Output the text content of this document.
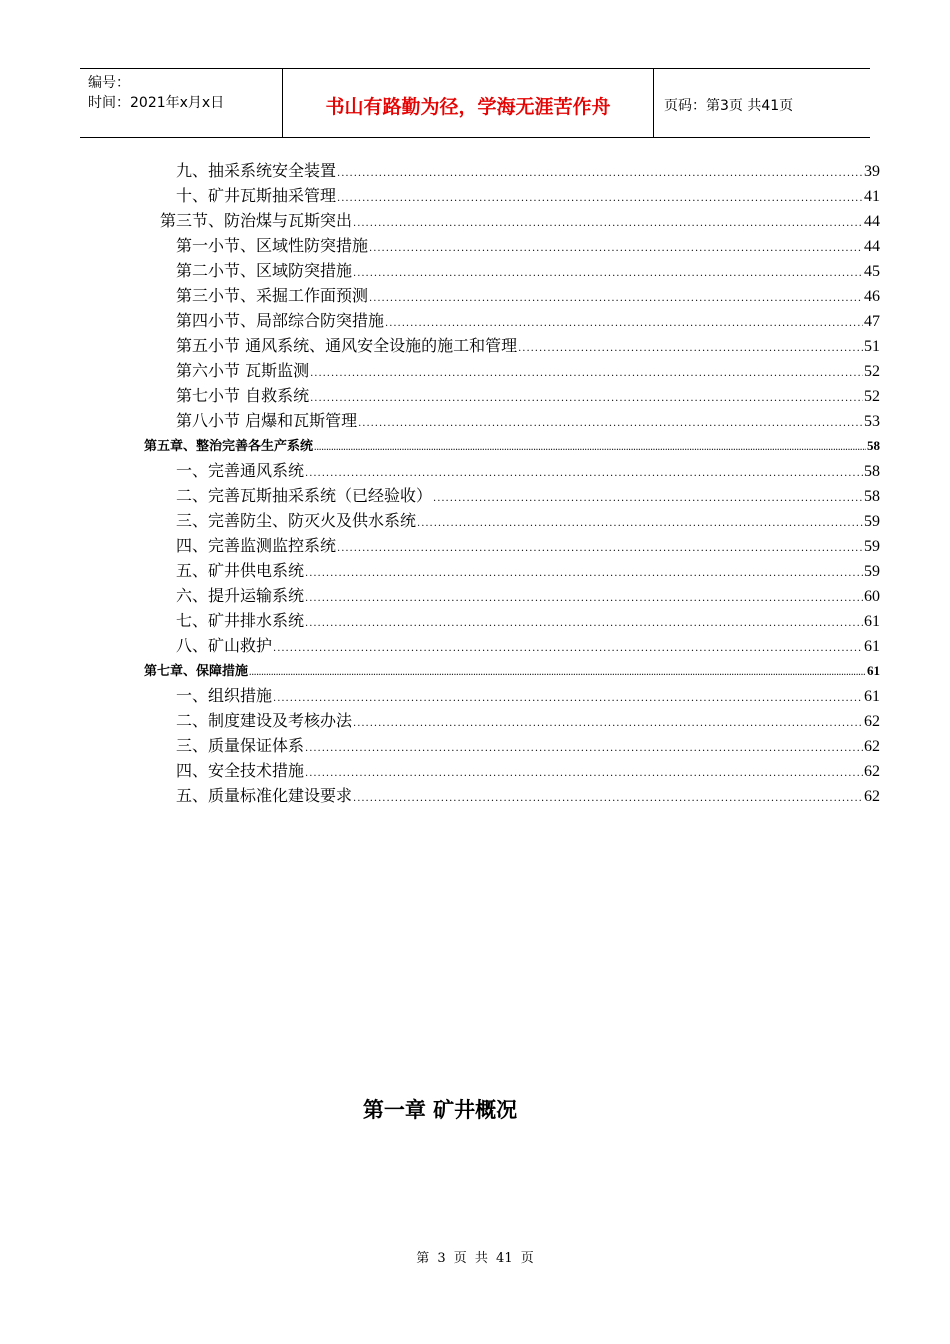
编号：
时间：2021年x月x日	书山有路勤为径，学海无涯苦作舟	页码：第3页 共41页
九、抽采系统安全装置 .....	39
十、矿井瓦斯抽采管理 .....	41
第三节、防治煤与瓦斯突出 .....	44
第一小节、区域性防突措施 .....	44
第二小节、区域防突措施 .....	45
第三小节、采掘工作面预测 .....	46
第四小节、局部综合防突措施 .....	47
第五小节 通风系统、通风安全设施的施工和管理 .....	51
第六小节 瓦斯监测 .....	52
第七小节 自救系统 .....	52
第八小节 启爆和瓦斯管理 .....	53
第五章、整治完善各生产系统 .....	58
一、完善通风系统 .....	58
二、完善瓦斯抽采系统（已经验收） .....	58
三、完善防尘、防灭火及供水系统 .....	59
四、完善监测监控系统 .....	59
五、矿井供电系统 .....	59
六、提升运输系统 .....	60
七、矿井排水系统 .....	61
八、矿山救护 .....	61
第七章、保障措施 .....	61
一、组织措施 .....	61
二、制度建设及考核办法 .....	62
三、质量保证体系 .....	62
四、安全技术措施 .....	62
五、质量标准化建设要求 .....	62
第一章 矿井概况
第 3 页 共 41 页
